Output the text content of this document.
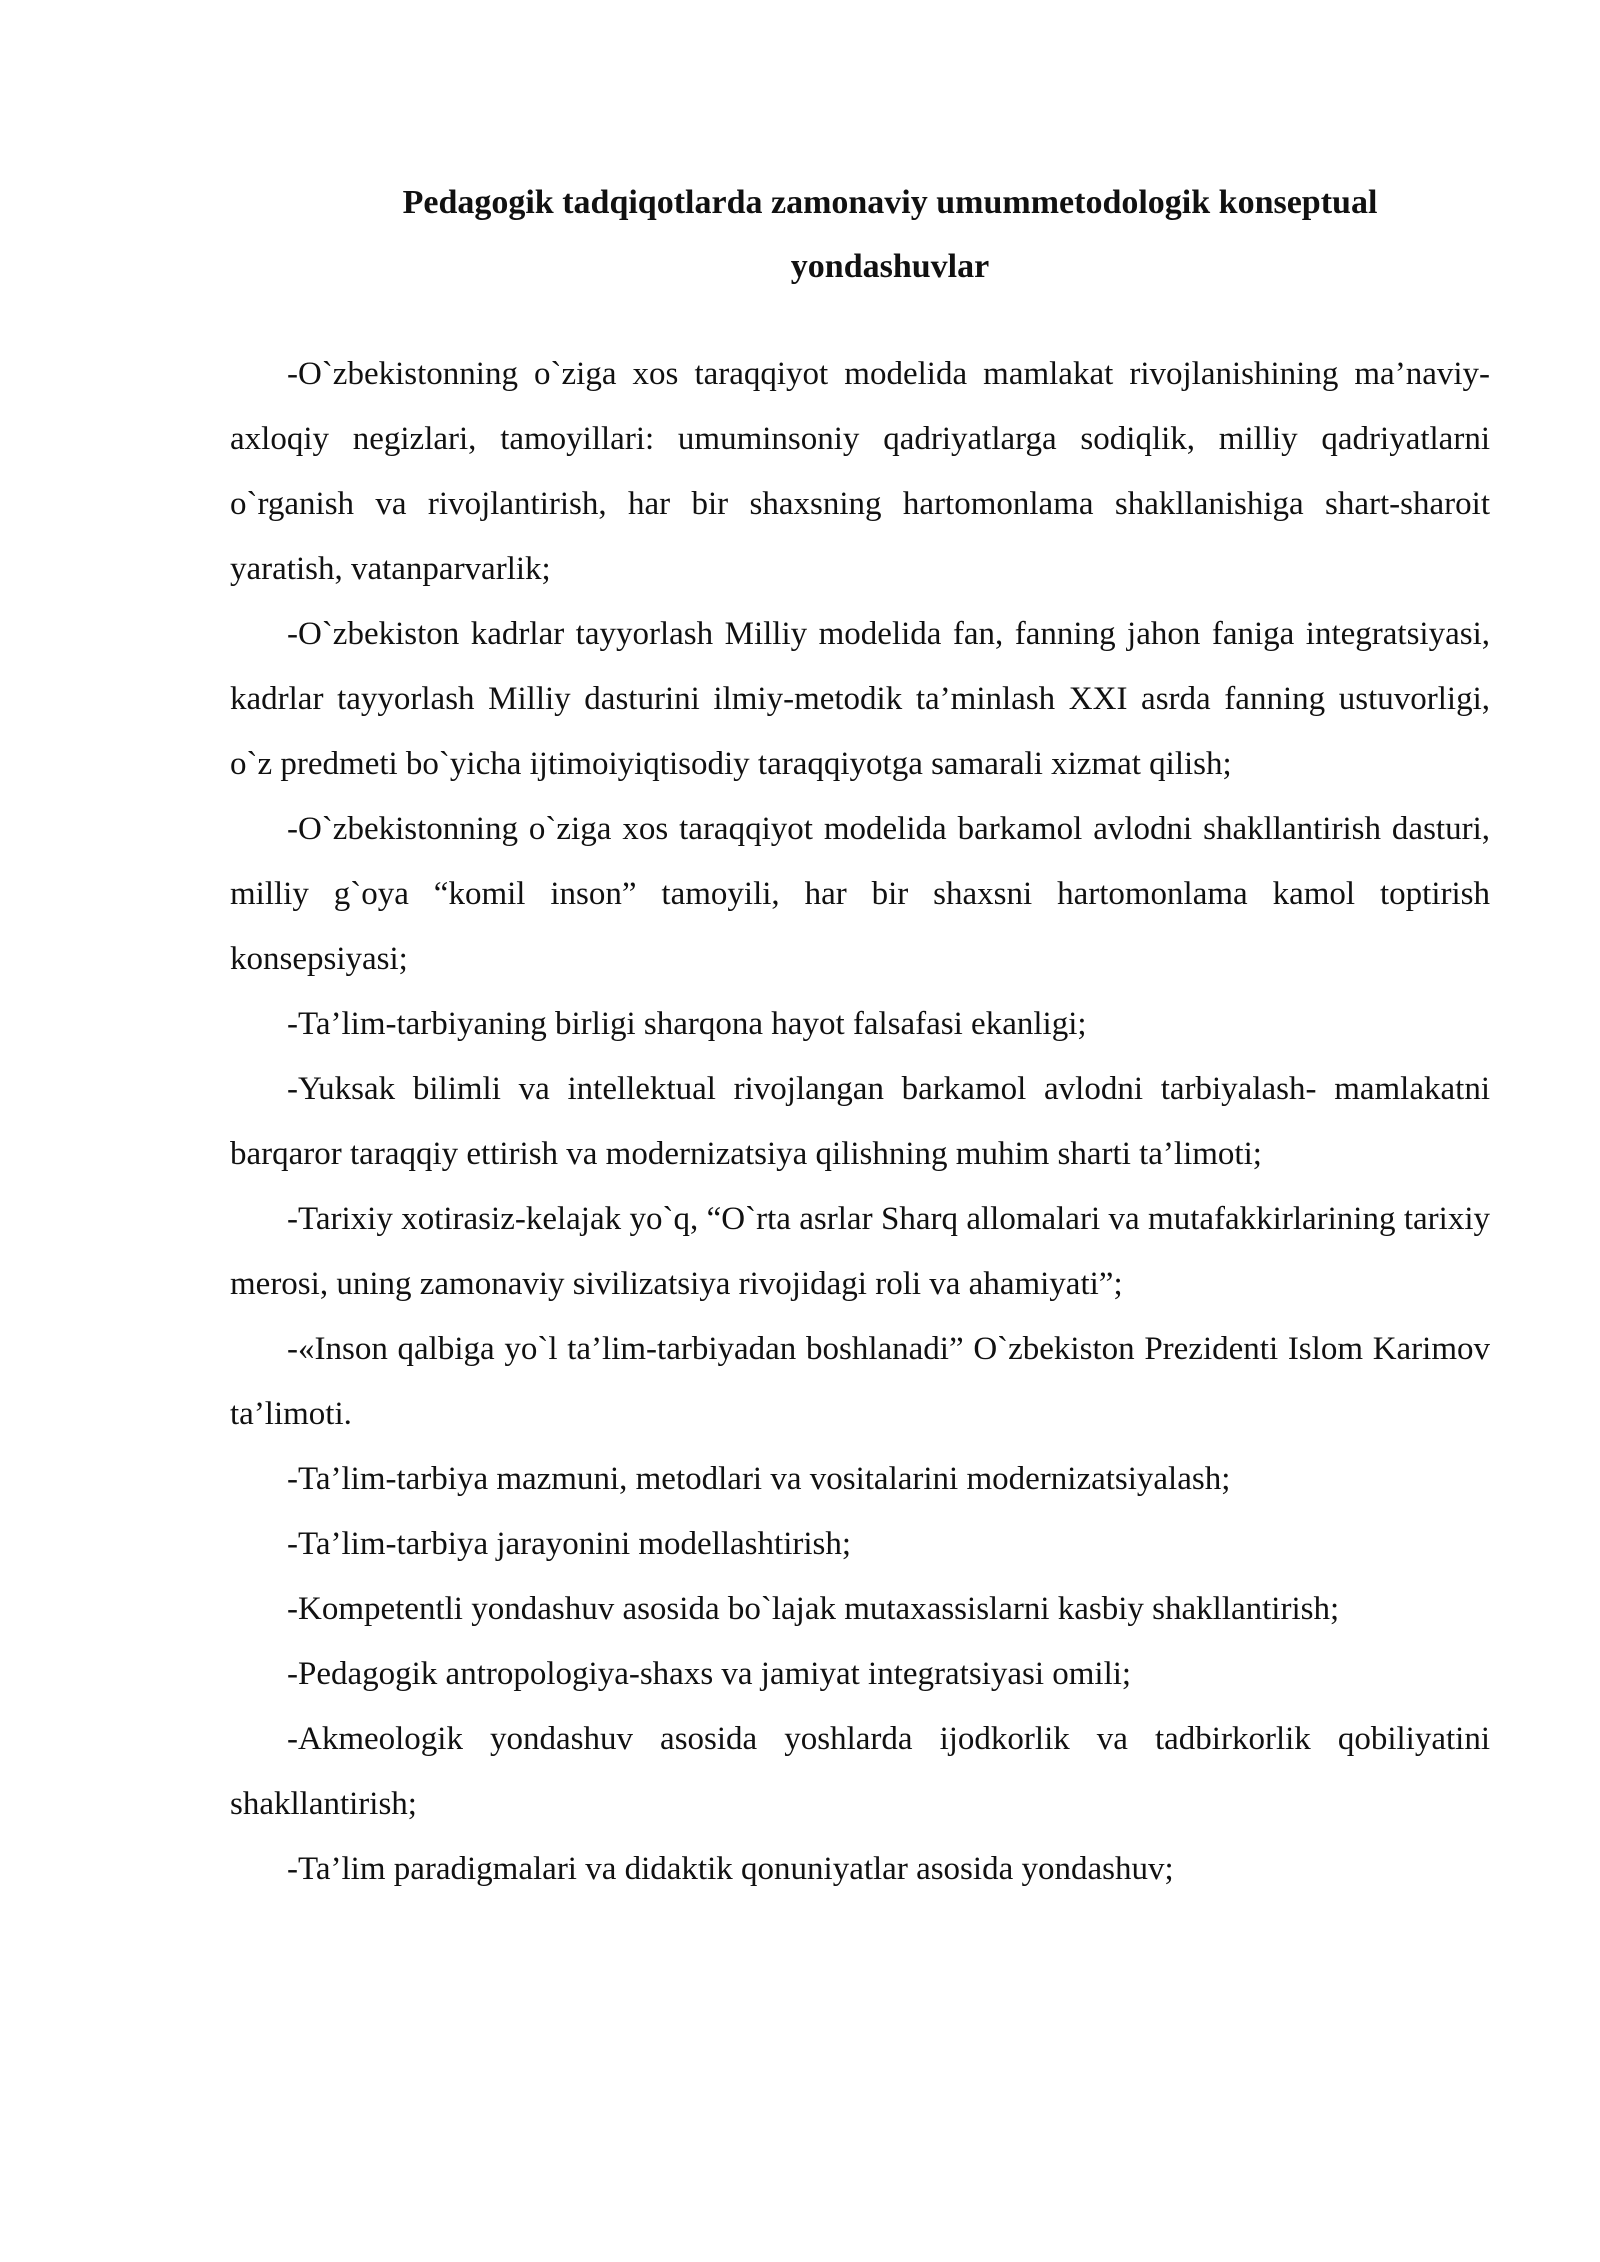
Pedagogik tadqiqotlarda zamonaviy umummetodologik konseptual
yondashuvlar

-O`zbekistonning o`ziga xos taraqqiyot modelida mamlakat rivojlanishining ma’naviy-axloqiy negizlari, tamoyillari: umuminsoniy qadriyatlarga sodiqlik, milliy qadriyatlarni o`rganish va rivojlantirish, har bir shaxsning hartomonlama shakllanishiga shart-sharoit yaratish, vatanparvarlik;

-O`zbekiston kadrlar tayyorlash Milliy modelida fan, fanning jahon faniga integratsiyasi, kadrlar tayyorlash Milliy dasturini ilmiy-metodik ta’minlash XXI asrda fanning ustuvorligi, o`z predmeti bo`yicha ijtimoiyiqtisodiy taraqqiyotga samarali xizmat qilish;

-O`zbekistonning o`ziga xos taraqqiyot modelida barkamol avlodni shakllantirish dasturi, milliy g`oya “komil inson” tamoyili, har bir shaxsni hartomonlama kamol toptirish konsepsiyasi;

-Ta’lim-tarbiyaning birligi sharqona hayot falsafasi ekanligi;

-Yuksak bilimli va intellektual rivojlangan barkamol avlodni tarbiyalash- mamlakatni barqaror taraqqiy ettirish va modernizatsiya qilishning muhim sharti ta’limoti;

-Tarixiy xotirasiz-kelajak yo`q, “O`rta asrlar Sharq allomalari va mutafakkirlarining tarixiy merosi, uning zamonaviy sivilizatsiya rivojidagi roli va ahamiyati”;

-«Inson qalbiga yo`l ta’lim-tarbiyadan boshlanadi” O`zbekiston Prezidenti Islom Karimov ta’limoti.

-Ta’lim-tarbiya mazmuni, metodlari va vositalarini modernizatsiyalash;

-Ta’lim-tarbiya jarayonini modellashtirish;

-Kompetentli yondashuv asosida bo`lajak mutaxassislarni kasbiy shakllantirish;

-Pedagogik antropologiya-shaxs va jamiyat integratsiyasi omili;

-Akmeologik yondashuv asosida yoshlarda ijodkorlik va tadbirkorlik qobiliyatini shakllantirish;

-Ta’lim paradigmalari va didaktik qonuniyatlar asosida yondashuv;
